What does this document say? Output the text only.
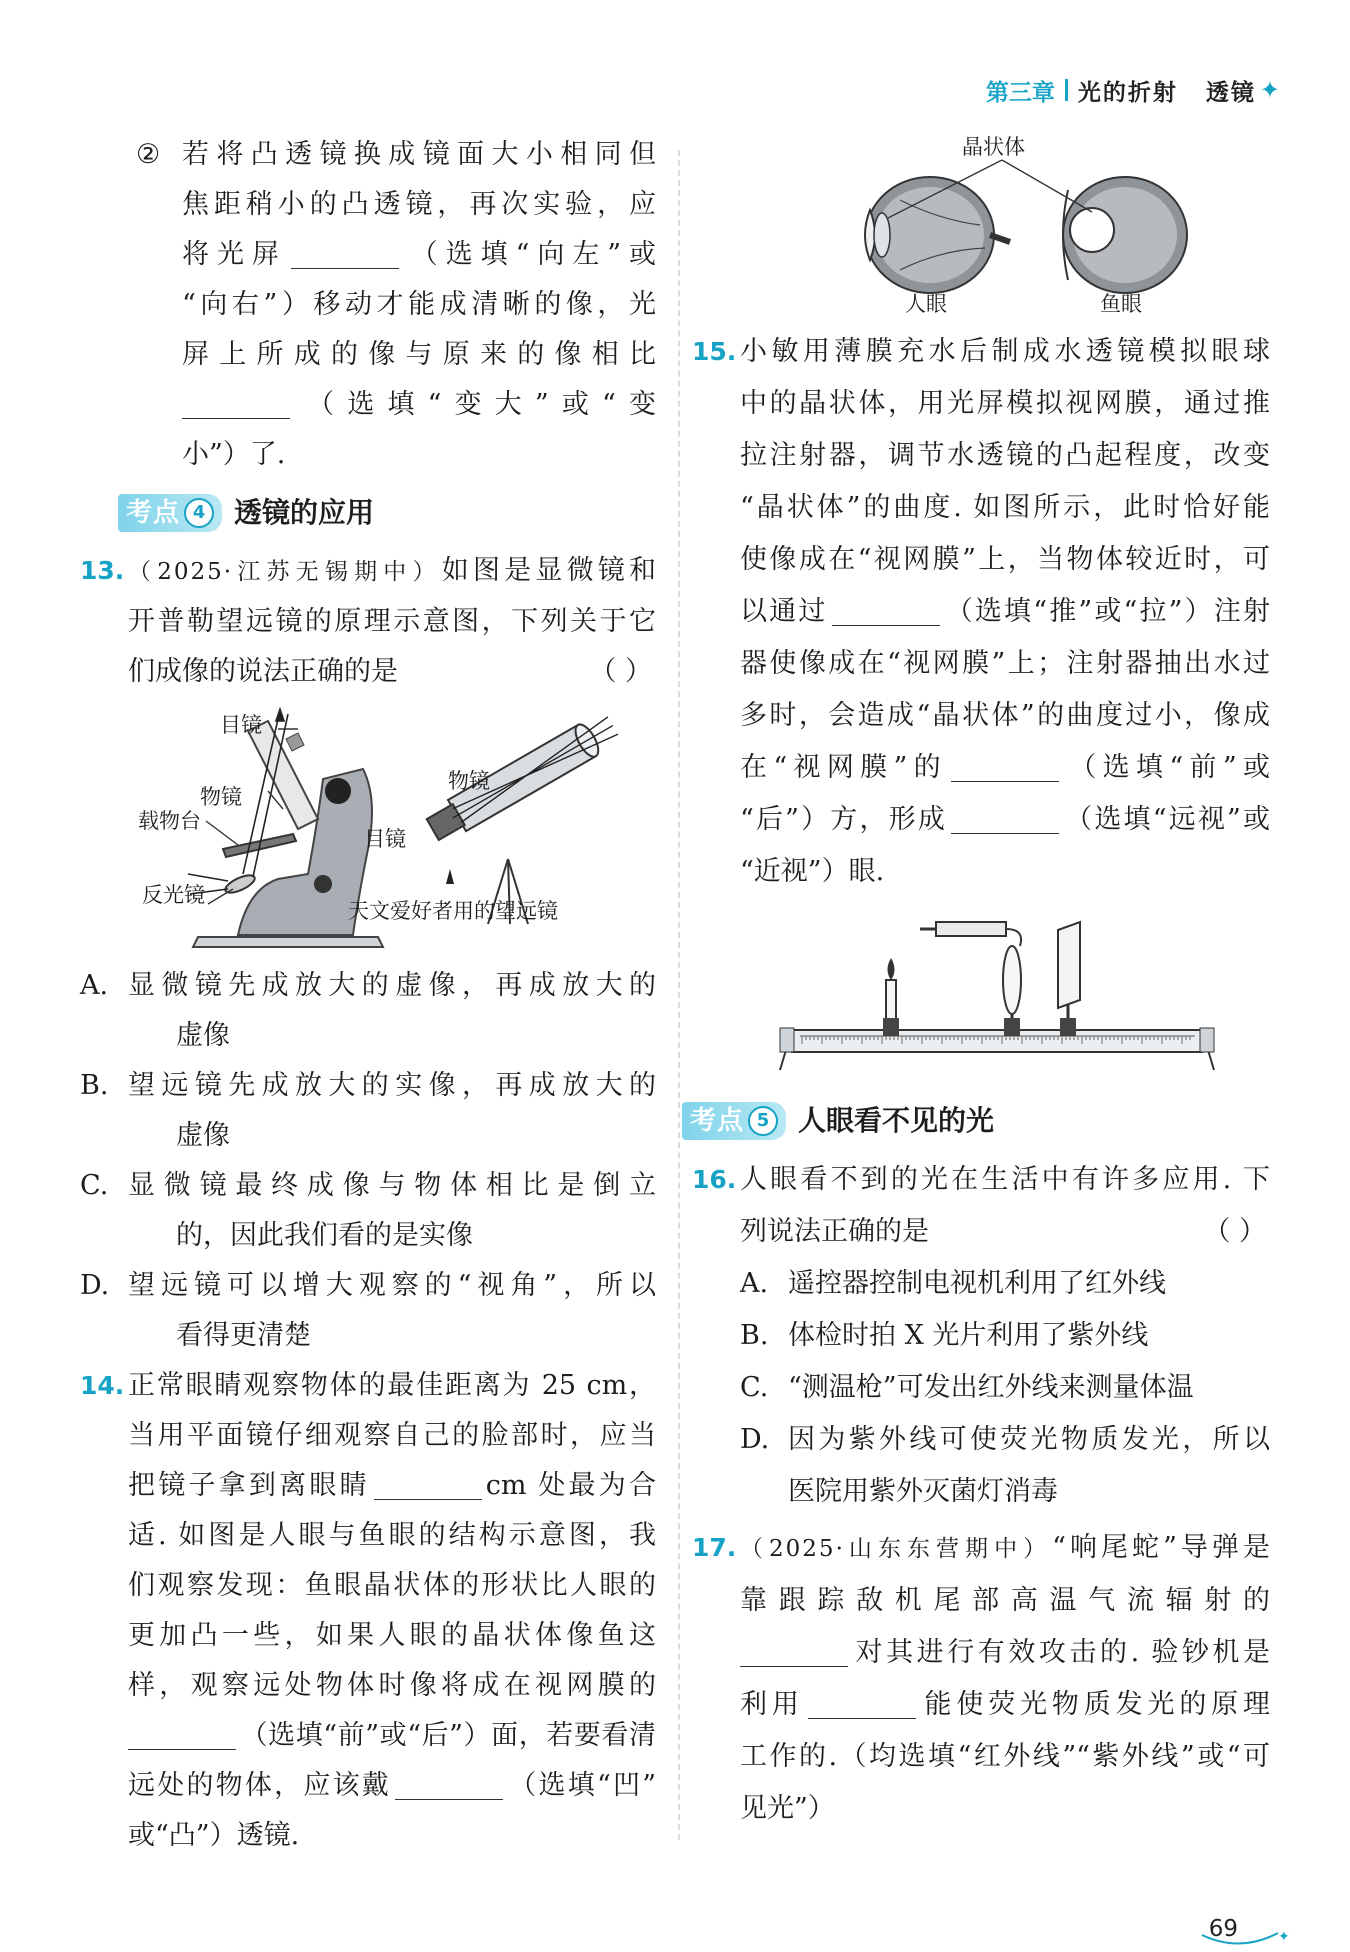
第三章 光的折射 透镜 ✦
② 若将凸透镜换成镜面大小相同但
焦距稍小的凸透镜，再次实验，应
将光屏	（选填“向左”或
“向右”）移动才能成清晰的像，光
屏上所成的像与原来的像相比
（选填“变大”或“变
小”）了.
考点 4	透镜的应用
13. （2025·江苏无锡期中）如图是显微镜和
开普勒望远镜的原理示意图，下列关于它
们成像的说法正确的是	（ ）
目镜
物镜
载物台
反光镜
物镜
目镜
天文爱好者用的望远镜
A. 显微镜先成放大的虚像，再成放大的
虚像
B. 望远镜先成放大的实像，再成放大的
虚像
C. 显微镜最终成像与物体相比是倒立
的，因此我们看的是实像
D. 望远镜可以增大观察的“视角”，所以
看得更清楚
14. 正常眼睛观察物体的最佳距离为 25 cm，
当用平面镜仔细观察自己的脸部时，应当
把镜子拿到离眼睛	cm 处最为合
适. 如图是人眼与鱼眼的结构示意图，我
们观察发现：鱼眼晶状体的形状比人眼的
更加凸一些，如果人眼的晶状体像鱼这
样，观察远处物体时像将成在视网膜的
（选填“前”或“后”）面，若要看清
远处的物体，应该戴	（选填“凹”
或“凸”）透镜.
晶状体
人眼	鱼眼
15. 小敏用薄膜充水后制成水透镜模拟眼球
中的晶状体，用光屏模拟视网膜，通过推
拉注射器，调节水透镜的凸起程度，改变
“晶状体”的曲度. 如图所示，此时恰好能
使像成在“视网膜”上，当物体较近时，可
以通过	（选填“推”或“拉”）注射
器使像成在“视网膜”上；注射器抽出水过
多时，会造成“晶状体”的曲度过小，像成
在“视网膜”的	（选填“前”或
“后”）方，形成	（选填“远视”或
“近视”）眼.
考点 5	人眼看不见的光
16. 人眼看不到的光在生活中有许多应用. 下
列说法正确的是	（ ）
A. 遥控器控制电视机利用了红外线
B. 体检时拍 X 光片利用了紫外线
C. “测温枪”可发出红外线来测量体温
D. 因为紫外线可使荧光物质发光，所以
医院用紫外灭菌灯消毒
17. （2025·山东东营期中）“响尾蛇”导弹是
靠跟踪敌机尾部高温气流辐射的
对其进行有效攻击的. 验钞机是
利用	能使荧光物质发光的原理
工作的.（均选填“红外线”“紫外线”或“可
见光”）
69	✦
